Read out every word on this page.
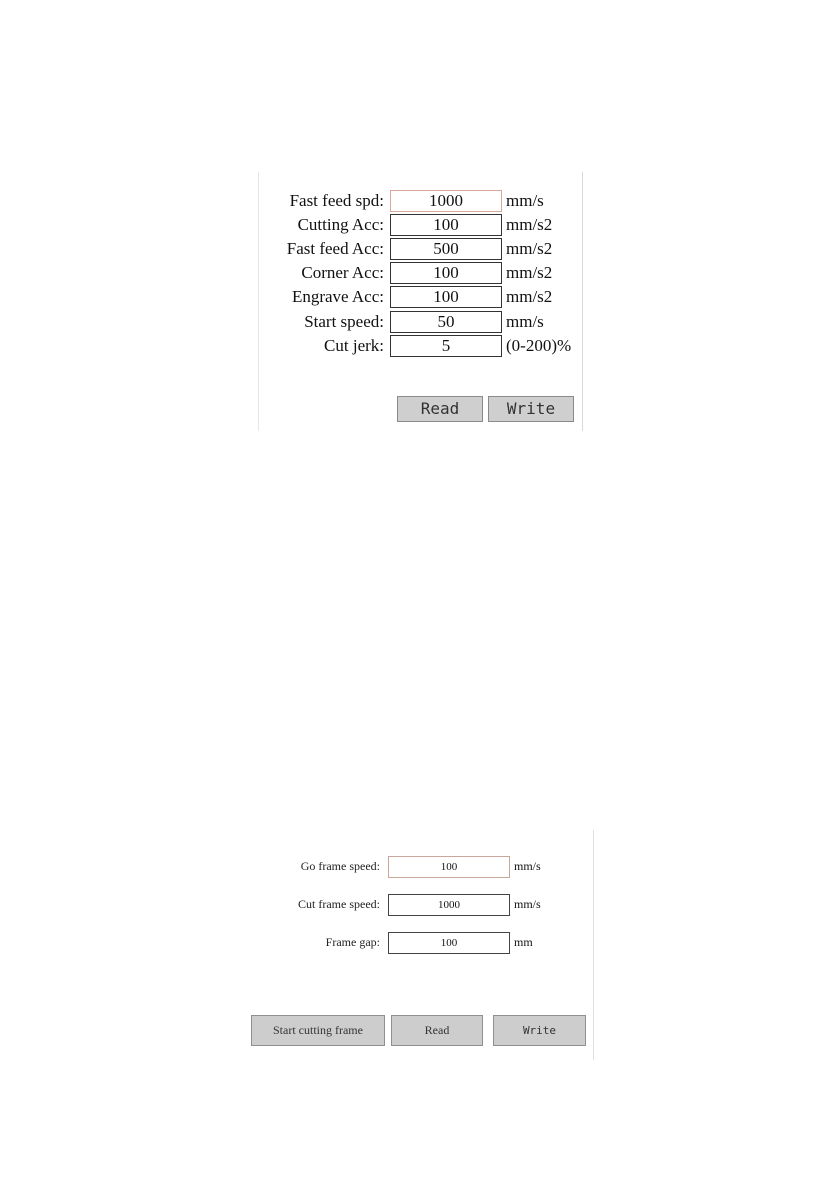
Fast feed spd:	1000	mm/s
Cutting Acc:	100	mm/s2
Fast feed Acc:	500	mm/s2
Corner Acc:	100	mm/s2
Engrave Acc:	100	mm/s2
Start speed:	50	mm/s
Cut jerk:	5	(0-200)%
Read	Write
Go frame speed:	100	mm/s
Cut frame speed:	1000	mm/s
Frame gap:	100	mm
Start cutting frame	Read	Write
